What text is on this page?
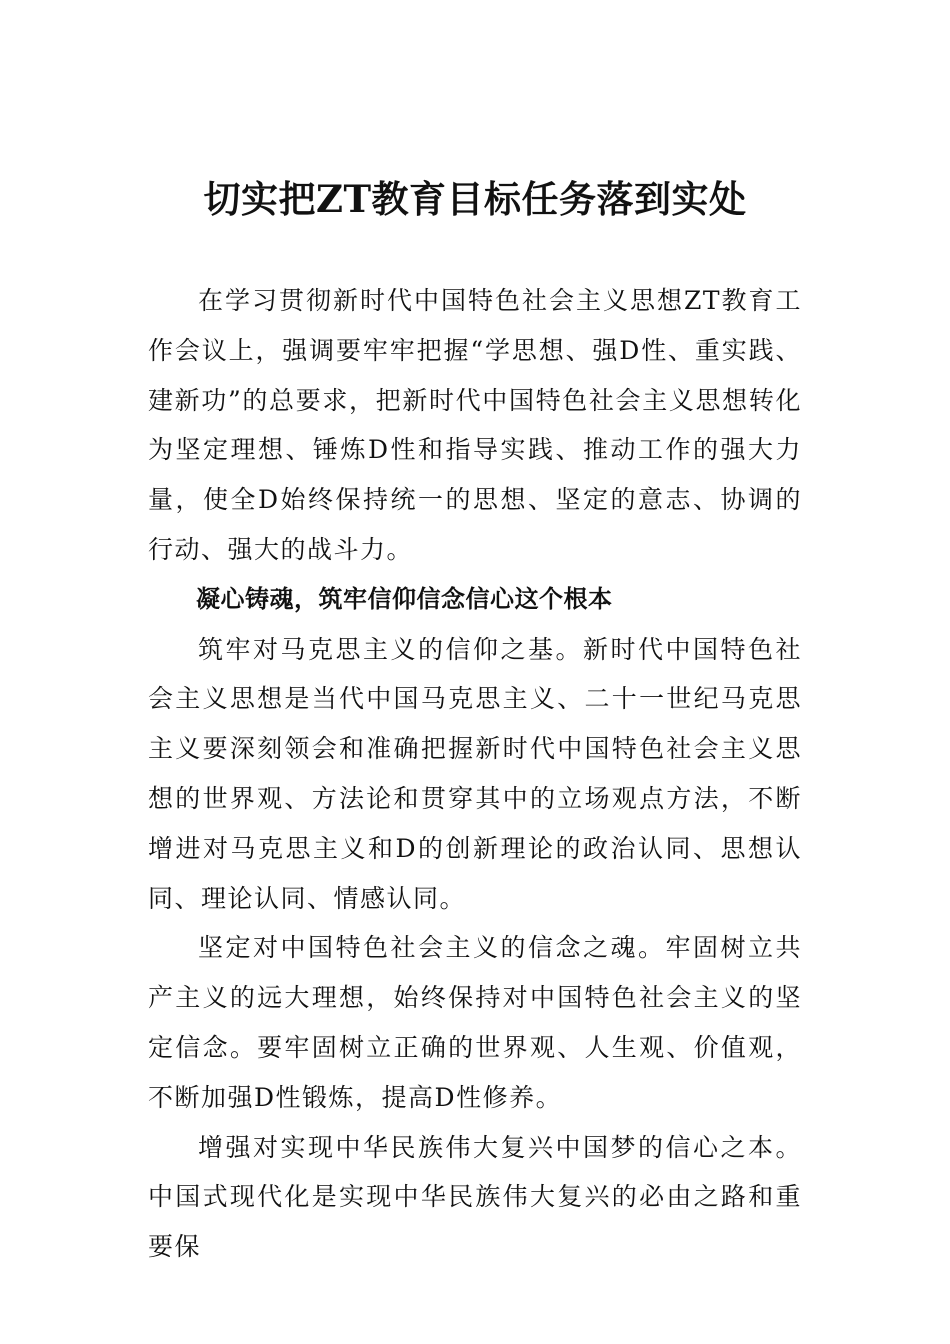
切实把ZT教育目标任务落到实处

在学习贯彻新时代中国特色社会主义思想ZT教育工作会议上，强调要牢牢把握“学思想、强D性、重实践、建新功”的总要求，把新时代中国特色社会主义思想转化为坚定理想、锤炼D性和指导实践、推动工作的强大力量，使全D始终保持统一的思想、坚定的意志、协调的行动、强大的战斗力。

凝心铸魂，筑牢信仰信念信心这个根本

筑牢对马克思主义的信仰之基。新时代中国特色社会主义思想是当代中国马克思主义、二十一世纪马克思主义要深刻领会和准确把握新时代中国特色社会主义思想的世界观、方法论和贯穿其中的立场观点方法，不断增进对马克思主义和D的创新理论的政治认同、思想认同、理论认同、情感认同。

坚定对中国特色社会主义的信念之魂。牢固树立共产主义的远大理想，始终保持对中国特色社会主义的坚定信念。要牢固树立正确的世界观、人生观、价值观，不断加强D性锻炼，提高D性修养。

增强对实现中华民族伟大复兴中国梦的信心之本。中国式现代化是实现中华民族伟大复兴的必由之路和重要保
